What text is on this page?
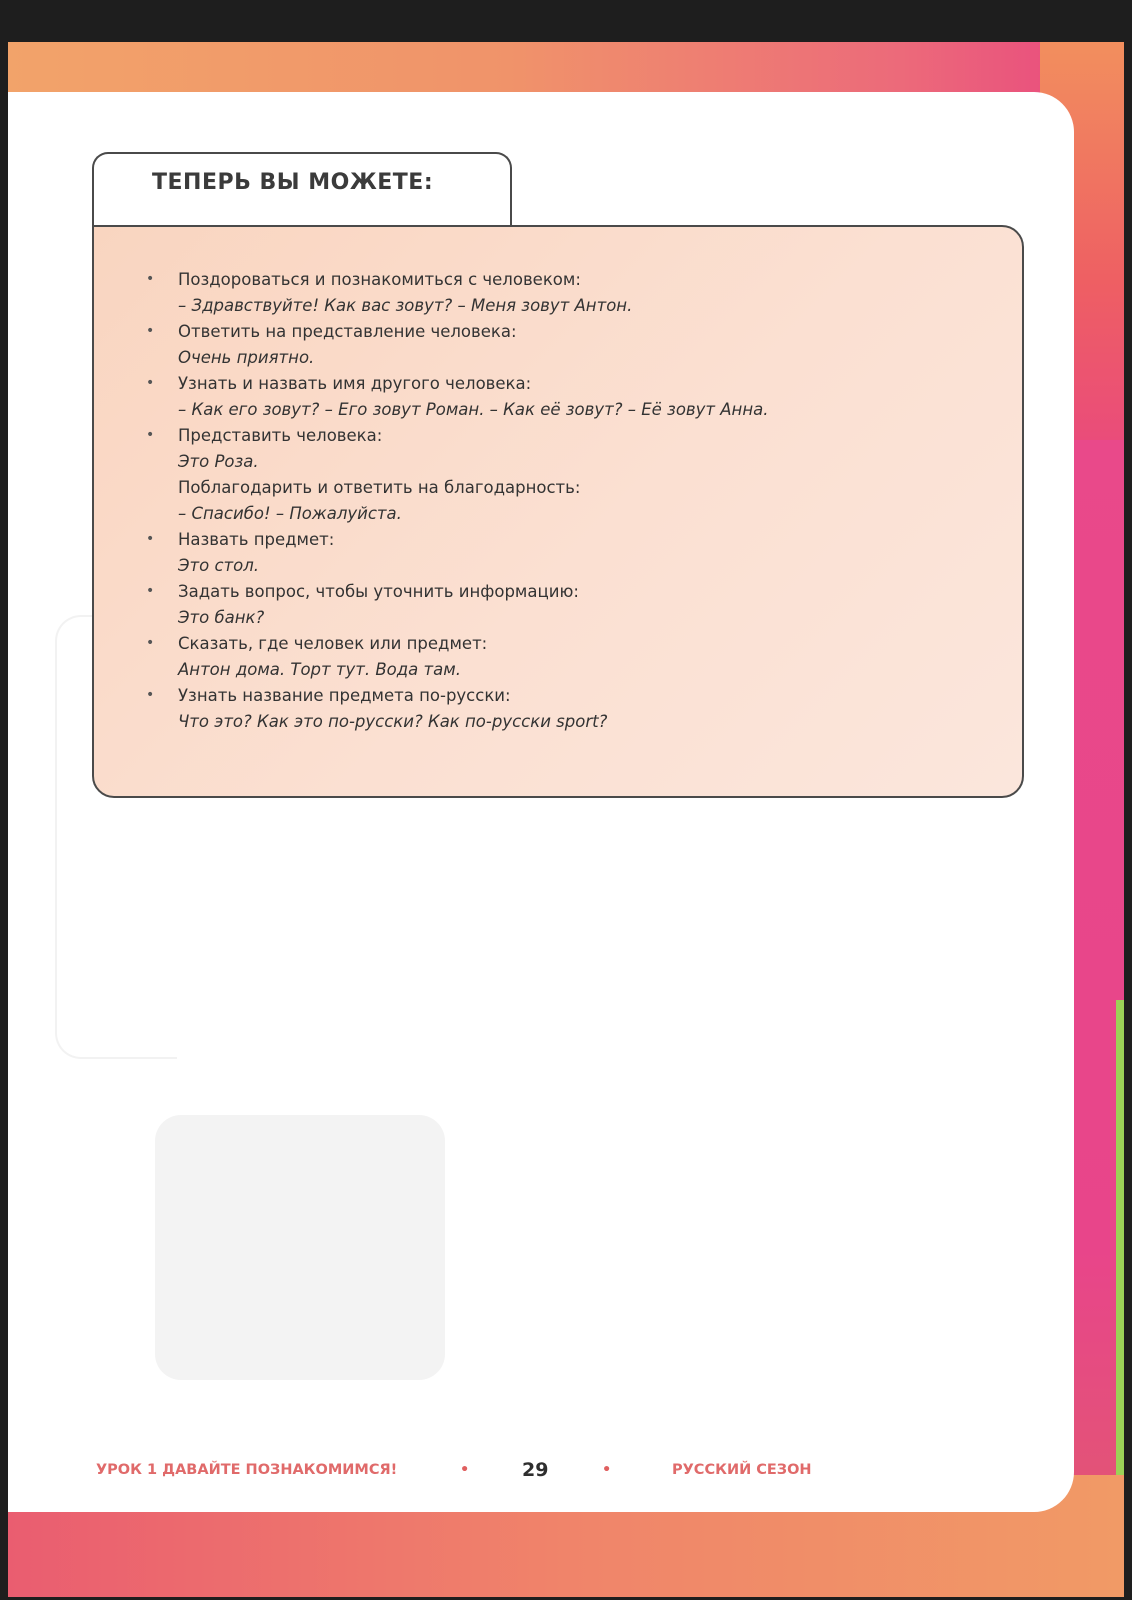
ТЕПЕРЬ ВЫ МОЖЕТЕ:
• Поздороваться и познакомиться с человеком:
– Здравствуйте! Как вас зовут? – Меня зовут Антон.
• Ответить на представление человека:
Очень приятно.
• Узнать и назвать имя другого человека:
– Как его зовут? – Его зовут Роман. – Как её зовут? – Её зовут Анна.
• Представить человека:
Это Роза.
Поблагодарить и ответить на благодарность:
– Спасибо! – Пожалуйста.
• Назвать предмет:
Это стол.
• Задать вопрос, чтобы уточнить информацию:
Это банк?
• Сказать, где человек или предмет:
Антон дома. Торт тут. Вода там.
• Узнать название предмета по-русски:
Что это? Как это по-русски? Как по-русски sport?
УРОК 1 ДАВАЙТЕ ПОЗНАКОМИМСЯ!	•	29	•	РУССКИЙ СЕЗОН
